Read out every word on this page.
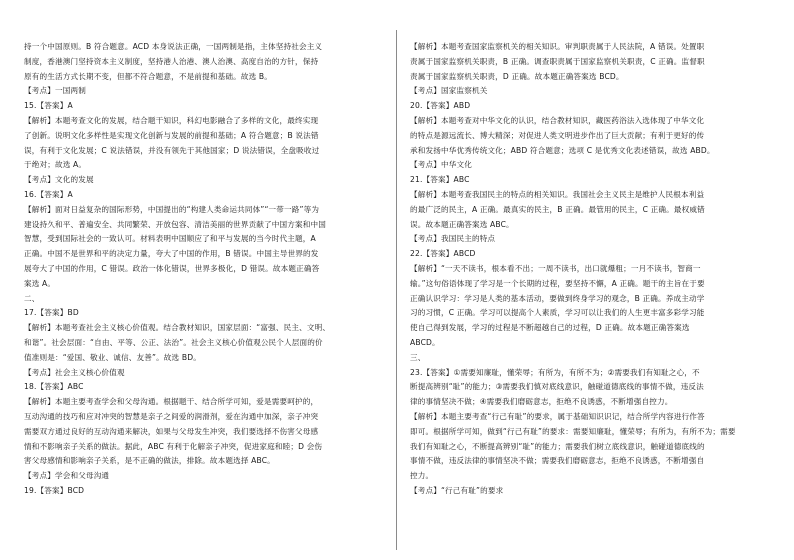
持一个中国原则。B 符合题意。ACD 本身说法正确，一国两制是指，主体坚持社会主义
制度，香港澳门坚持资本主义制度，坚持港人治港、澳人治澳、高度自治的方针，保持
原有的生活方式长期不变，但都不符合题意，不是前提和基础。故选 B。
【考点】一国两制
15.【答案】A
【解析】本题考查文化的发展，结合题干知识，科幻电影融合了多样的文化，最终实现
了创新。说明文化多样性是实现文化创新与发展的前提和基础；A 符合题意；B 说法错
误，有利于文化发展；C 说法错误，并没有领先于其他国家；D 说法错误，全盘吸收过
于绝对；故选 A。
【考点】文化的发展
16.【答案】A
【解析】面对日益复杂的国际形势，中国提出的“构建人类命运共同体”“一带一路”等为
建设持久和平、普遍安全、共同繁荣、开放包容、清洁美丽的世界贡献了中国方案和中国
智慧，受到国际社会的一致认可。材料表明中国顺应了和平与发展的当今时代主题，A
正确。中国不是世界和平的决定力量，夸大了中国的作用，B 错误。中国主导世界的发
展夸大了中国的作用，C 错误。政治一体化错误，世界多极化，D 错误。故本题正确答
案选 A。
二、
17.【答案】BD
【解析】本题考查社会主义核心价值观。结合教材知识，国家层面：“富强、民主、文明、
和谐”。社会层面：“自由、平等、公正、法治”。社会主义核心价值观公民个人层面的价
值准则是：“爱国、敬业、诚信、友善”。故选 BD。
【考点】社会主义核心价值观
18.【答案】ABC
【解析】本题主要考查学会和父母沟通。根据题干、结合所学可知，爱是需要呵护的，
互动沟通的技巧和应对冲突的智慧是亲子之间爱的润滑剂，爱在沟通中加深，亲子冲突
需要双方通过良好的互动沟通来解决，如果与父母发生冲突，我们要选择不伤害父母感
情和不影响亲子关系的做法。据此，ABC 有利于化解亲子冲突，促进家庭和睦；D 会伤
害父母感情和影响亲子关系，是不正确的做法，排除。故本题选择 ABC。
【考点】学会和父母沟通
19.【答案】BCD
【解析】本题考查国家监察机关的相关知识。审判职责属于人民法院，A 错误。处置职
责属于国家监察机关职责，B 正确。调查职责属于国家监察机关职责，C 正确。监督职
责属于国家监察机关职责，D 正确。故本题正确答案选 BCD。
【考点】国家监察机关
20.【答案】ABD
【解析】本题考查对中华文化的认识，结合教材知识，藏医药浴法入选体现了中华文化
的特点是源远流长、博大精深；对促进人类文明进步作出了巨大贡献；有利于更好的传
承和发扬中华优秀传统文化；ABD 符合题意；选项 C 是优秀文化表述错误，故选 ABD。
【考点】中华文化
21.【答案】ABC
【解析】本题考查我国民主的特点的相关知识。我国社会主义民主是维护人民根本利益
的最广泛的民主，A 正确。最真实的民主，B 正确。最管用的民主，C 正确。最权威错
误。故本题正确答案选 ABC。
【考点】我国民主的特点
22.【答案】ABCD
【解析】“一天不读书，根本看不出；一周不读书，出口就爆粗；一月不读书，智商一
输。”这句俗语体现了学习是一个长期的过程，要坚持不懈，A 正确。题干的主旨在于要
正确认识学习：学习是人类的基本活动，要做到终身学习的观念，B 正确。养成主动学
习的习惯，C 正确。学习可以提高个人素质，学习可以让我们的人生更丰富多彩学习能
使自己得到发展，学习的过程是不断超越自己的过程，D 正确。故本题正确答案选
ABCD。
三、
23.【答案】①需要知廉耻，懂荣辱；有所为，有所不为；②需要我们有知耻之心，不
断提高辨别“耻”的能力；③需要我们慎对底线意识，触碰道德底线的事情不做，违反法
律的事情坚决不做；④需要我们磨砺意志，拒绝不良诱惑，不断增强自控力。
【解析】本题主要考查“行己有耻”的要求，属于基础知识识记，结合所学内容进行作答
即可。根据所学可知，做到“行己有耻”的要求：需要知廉耻，懂荣辱；有所为，有所不为；需要
我们有知耻之心，不断提高辨别“耻”的能力；需要我们树立底线意识，触碰道德底线的
事情不做，违反法律的事情坚决不做；需要我们磨砺意志，拒绝不良诱惑，不断增强自
控力。
【考点】“行己有耻”的要求
